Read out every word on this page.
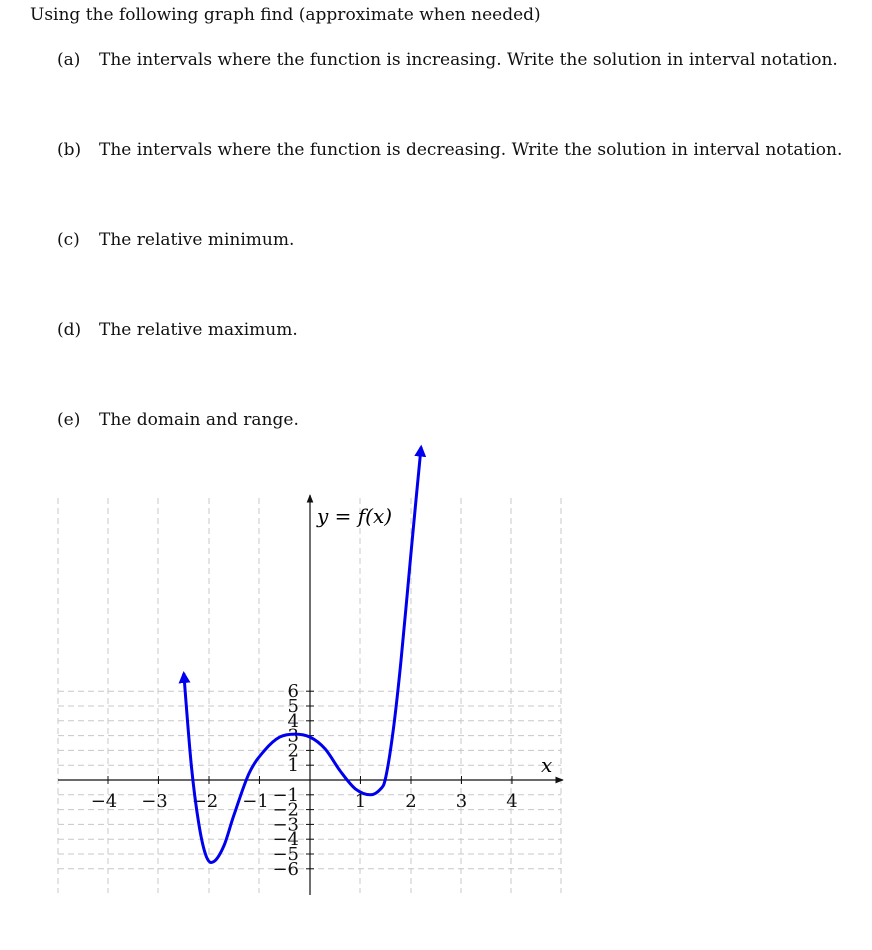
Using the following graph find (approximate when needed)
(a) The intervals where the function is increasing. Write the solution in interval notation.
(b) The intervals where the function is decreasing. Write the solution in interval notation.
(c) The relative minimum.
(d) The relative maximum.
(e) The domain and range.
−4 −3 −2 −1	1 2 3 4
6
5
4
3
2
1
−1
−2
−3
−4
−5
−6
y = f(x)
x
